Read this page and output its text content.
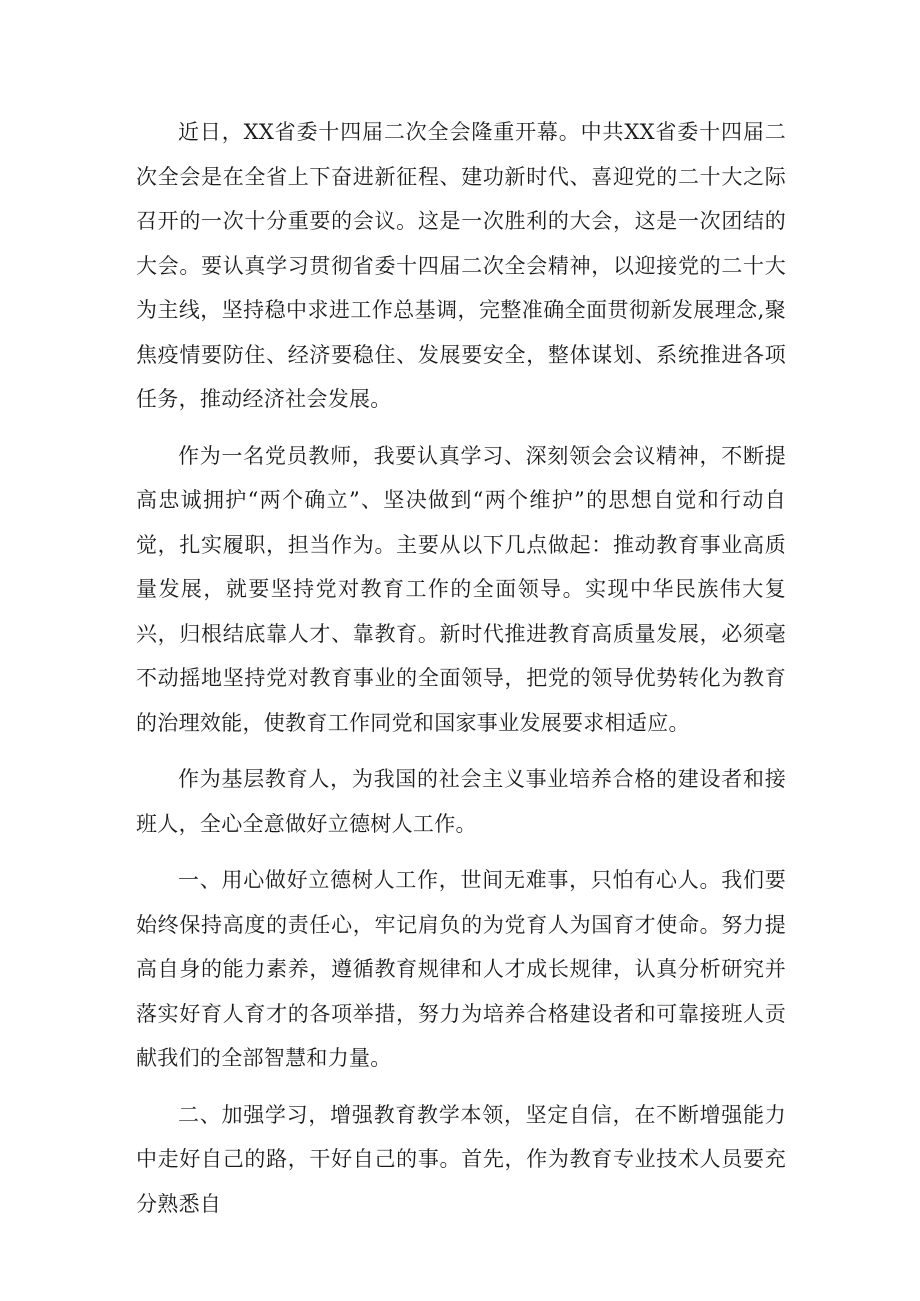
近日，XX省委十四届二次全会隆重开幕。中共XX省委十四届二次全会是在全省上下奋进新征程、建功新时代、喜迎党的二十大之际召开的一次十分重要的会议。这是一次胜利的大会，这是一次团结的大会。要认真学习贯彻省委十四届二次全会精神，以迎接党的二十大为主线，坚持稳中求进工作总基调，完整准确全面贯彻新发展理念,聚焦疫情要防住、经济要稳住、发展要安全，整体谋划、系统推进各项任务，推动经济社会发展。

作为一名党员教师，我要认真学习、深刻领会会议精神，不断提高忠诚拥护“两个确立”、坚决做到“两个维护”的思想自觉和行动自觉，扎实履职，担当作为。主要从以下几点做起：推动教育事业高质量发展，就要坚持党对教育工作的全面领导。实现中华民族伟大复兴，归根结底靠人才、靠教育。新时代推进教育高质量发展，必须毫不动摇地坚持党对教育事业的全面领导，把党的领导优势转化为教育的治理效能，使教育工作同党和国家事业发展要求相适应。

作为基层教育人，为我国的社会主义事业培养合格的建设者和接班人，全心全意做好立德树人工作。

一、用心做好立德树人工作，世间无难事，只怕有心人。我们要始终保持高度的责任心，牢记肩负的为党育人为国育才使命。努力提高自身的能力素养，遵循教育规律和人才成长规律，认真分析研究并落实好育人育才的各项举措，努力为培养合格建设者和可靠接班人贡献我们的全部智慧和力量。

二、加强学习，增强教育教学本领，坚定自信，在不断增强能力中走好自己的路，干好自己的事。首先，作为教育专业技术人员要充分熟悉自
